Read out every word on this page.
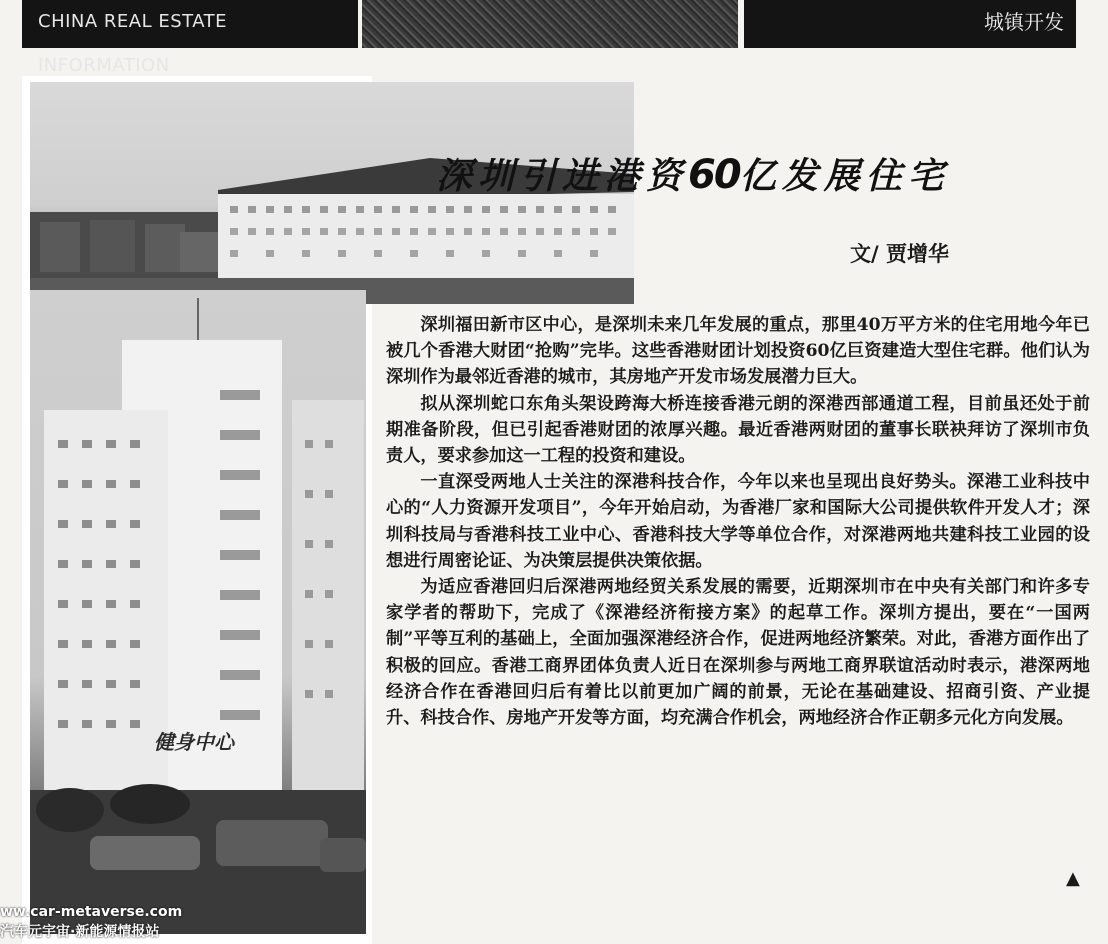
CHINA REAL ESTATE INFORMATION
城镇开发
健身中心
深圳引进港资60亿发展住宅
文/ 贾增华

深圳福田新市区中心，是深圳未来几年发展的重点，那里40万平方米的住宅用地今年已被几个香港大财团“抢购”完毕。这些香港财团计划投资60亿巨资建造大型住宅群。他们认为深圳作为最邻近香港的城市，其房地产开发市场发展潜力巨大。

拟从深圳蛇口东角头架设跨海大桥连接香港元朗的深港西部通道工程，目前虽还处于前期准备阶段，但已引起香港财团的浓厚兴趣。最近香港两财团的董事长联袂拜访了深圳市负责人，要求参加这一工程的投资和建设。

一直深受两地人士关注的深港科技合作，今年以来也呈现出良好势头。深港工业科技中心的“人力资源开发项目”，今年开始启动，为香港厂家和国际大公司提供软件开发人才；深圳科技局与香港科技工业中心、香港科技大学等单位合作，对深港两地共建科技工业园的设想进行周密论证、为决策层提供决策依据。

为适应香港回归后深港两地经贸关系发展的需要，近期深圳市在中央有关部门和许多专家学者的帮助下，完成了《深港经济衔接方案》的起草工作。深圳方提出，要在“一国两制”平等互利的基础上，全面加强深港经济合作，促进两地经济繁荣。对此，香港方面作出了积极的回应。香港工商界团体负责人近日在深圳参与两地工商界联谊活动时表示，港深两地经济合作在香港回归后有着比以前更加广阔的前景，无论在基础建设、招商引资、产业提升、科技合作、房地产开发等方面，均充满合作机会，两地经济合作正朝多元化方向发展。

▲
ww.car-metaverse.com
汽车元宇宙·新能源情报站
